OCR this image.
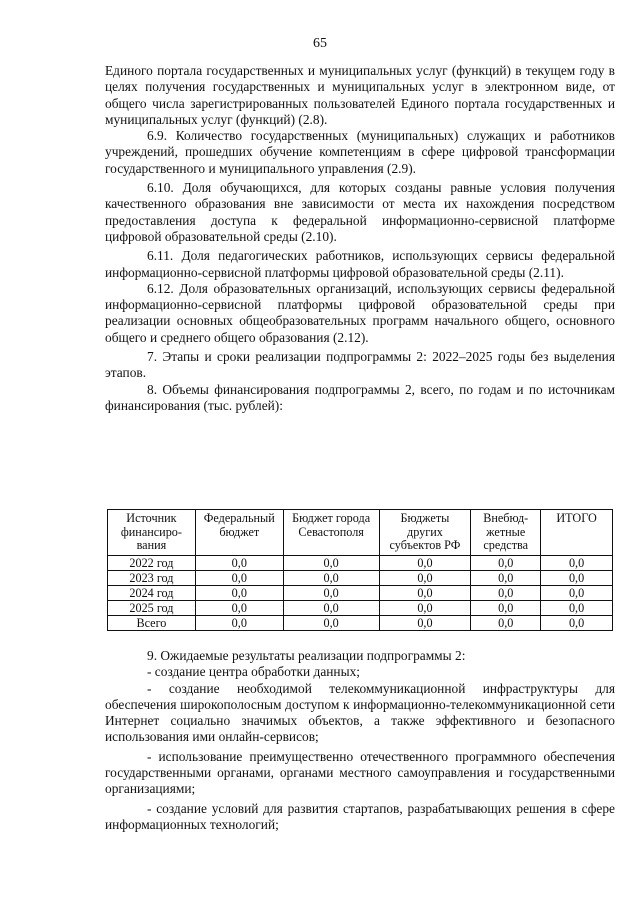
65

Единого портала государственных и муниципальных услуг (функций) в текущем году в целях получения государственных и муниципальных услуг в электронном виде, от общего числа зарегистрированных пользователей Единого портала государственных и муниципальных услуг (функций) (2.8).

6.9. Количество государственных (муниципальных) служащих и работников учреждений, прошедших обучение компетенциям в сфере цифровой трансформации государственного и муниципального управления (2.9).

6.10. Доля обучающихся, для которых созданы равные условия получения качественного образования вне зависимости от места их нахождения посредством предоставления доступа к федеральной информационно-сервисной платформе цифровой образовательной среды (2.10).

6.11. Доля педагогических работников, использующих сервисы федеральной информационно-сервисной платформы цифровой образовательной среды (2.11).

6.12. Доля образовательных организаций, использующих сервисы федеральной информационно-сервисной платформы цифровой образовательной среды при реализации основных общеобразовательных программ начального общего, основного общего и среднего общего образования (2.12).

7. Этапы и сроки реализации подпрограммы 2: 2022–2025 годы без выделения этапов.

8. Объемы финансирования подпрограммы 2, всего, по годам и по источникам финансирования (тыс. рублей):

Источник финансиро-вания	Федеральный бюджет	Бюджет города Севастополя	Бюджеты других субъектов РФ	Внебюд-жетные средства	ИТОГО
2022 год	0,0	0,0	0,0	0,0	0,0
2023 год	0,0	0,0	0,0	0,0	0,0
2024 год	0,0	0,0	0,0	0,0	0,0
2025 год	0,0	0,0	0,0	0,0	0,0
Всего	0,0	0,0	0,0	0,0	0,0

9. Ожидаемые результаты реализации подпрограммы 2:

- создание центра обработки данных;

- создание необходимой телекоммуникационной инфраструктуры для обеспечения широкополосным доступом к информационно-телекоммуникационной сети Интернет социально значимых объектов, а также эффективного и безопасного использования ими онлайн-сервисов;

- использование преимущественно отечественного программного обеспечения государственными органами, органами местного самоуправления и государственными организациями;

- создание условий для развития стартапов, разрабатывающих решения в сфере информационных технологий;
